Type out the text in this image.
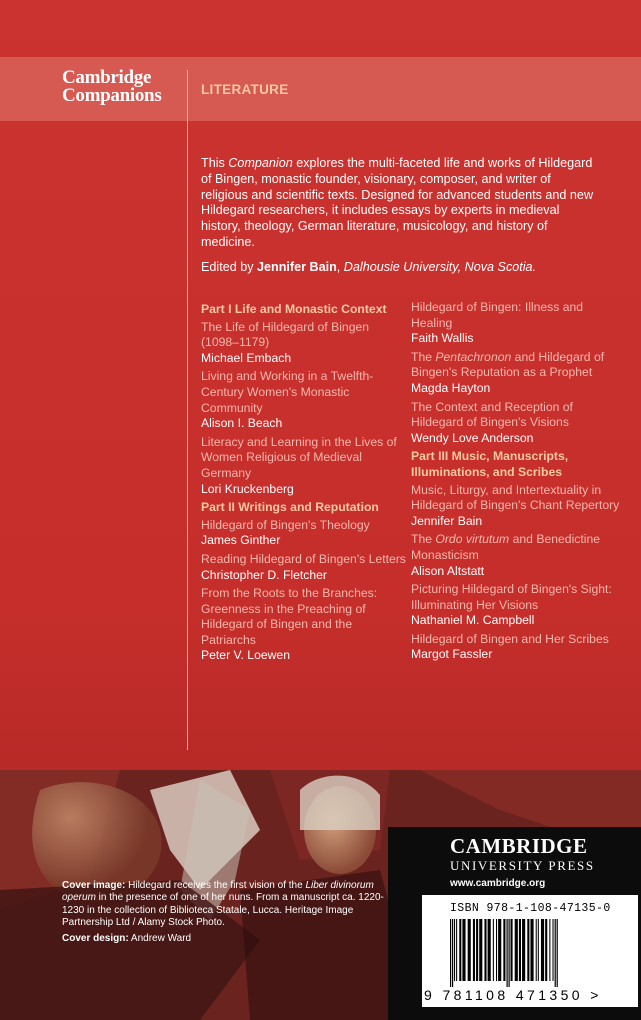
Cambridge
Companions	LITERATURE
This Companion explores the multi-faceted life and works of Hildegard of Bingen, monastic founder, visionary, composer, and writer of religious and scientific texts. Designed for advanced students and new Hildegard researchers, it includes essays by experts in medieval history, theology, German literature, musicology, and history of medicine.
Edited by Jennifer Bain, Dalhousie University, Nova Scotia.
Part I Life and Monastic Context
The Life of Hildegard of Bingen (1098–1179)
Michael Embach
Living and Working in a Twelfth-Century Women's Monastic Community
Alison I. Beach
Literacy and Learning in the Lives of Women Religious of Medieval Germany
Lori Kruckenberg
Part II Writings and Reputation
Hildegard of Bingen's Theology
James Ginther
Reading Hildegard of Bingen's Letters
Christopher D. Fletcher
From the Roots to the Branches: Greenness in the Preaching of Hildegard of Bingen and the Patriarchs
Peter V. Loewen
Hildegard of Bingen: Illness and Healing
Faith Wallis
The Pentachronon and Hildegard of Bingen's Reputation as a Prophet
Magda Hayton
The Context and Reception of Hildegard of Bingen's Visions
Wendy Love Anderson
Part III Music, Manuscripts, Illuminations, and Scribes
Music, Liturgy, and Intertextuality in Hildegard of Bingen's Chant Repertory
Jennifer Bain
The Ordo virtutum and Benedictine Monasticism
Alison Altstatt
Picturing Hildegard of Bingen's Sight: Illuminating Her Visions
Nathaniel M. Campbell
Hildegard of Bingen and Her Scribes
Margot Fassler
Cover image: Hildegard receives the first vision of the Liber divinorum operum in the presence of one of her nuns. From a manuscript ca. 1220-1230 in the collection of Biblioteca Statale, Lucca. Heritage Image Partnership Ltd / Alamy Stock Photo.
Cover design: Andrew Ward
CAMBRIDGE
UNIVERSITY PRESS
www.cambridge.org
ISBN 978-1-108-47135-0
9 781108 471350 >
